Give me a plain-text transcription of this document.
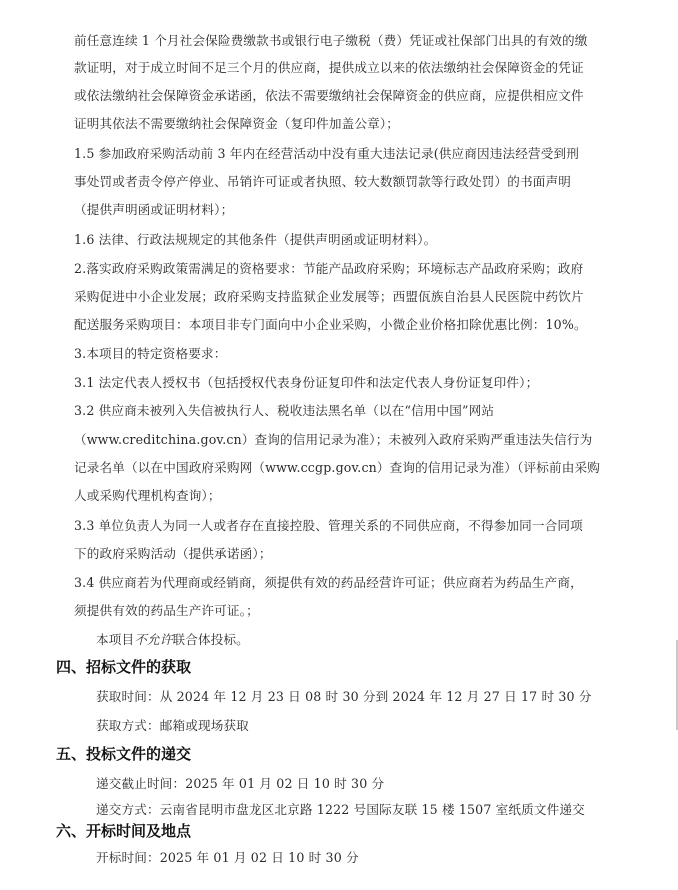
前任意连续 1 个月社会保险费缴款书或银行电子缴税（费）凭证或社保部门出具的有效的缴
款证明，对于成立时间不足三个月的供应商，提供成立以来的依法缴纳社会保障资金的凭证
或依法缴纳社会保障资金承诺函，依法不需要缴纳社会保障资金的供应商，应提供相应文件
证明其依法不需要缴纳社会保障资金（复印件加盖公章）；
1.5 参加政府采购活动前 3 年内在经营活动中没有重大违法记录(供应商因违法经营受到刑
事处罚或者责令停产停业、吊销许可证或者执照、较大数额罚款等行政处罚）的书面声明
（提供声明函或证明材料）；
1.6 法律、行政法规规定的其他条件（提供声明函或证明材料）。
2.落实政府采购政策需满足的资格要求：节能产品政府采购；环境标志产品政府采购；政府
采购促进中小企业发展；政府采购支持监狱企业发展等；西盟佤族自治县人民医院中药饮片
配送服务采购项目：本项目非专门面向中小企业采购，小微企业价格扣除优惠比例：10%。
3.本项目的特定资格要求：
3.1 法定代表人授权书（包括授权代表身份证复印件和法定代表人身份证复印件）；
3.2 供应商未被列入失信被执行人、税收违法黑名单（以在“信用中国”网站
（www.creditchina.gov.cn）查询的信用记录为准）；未被列入政府采购严重违法失信行为
记录名单（以在中国政府采购网（www.ccgp.gov.cn）查询的信用记录为准）（评标前由采购
人或采购代理机构查询）；
3.3 单位负责人为同一人或者存在直接控股、管理关系的不同供应商，不得参加同一合同项
下的政府采购活动（提供承诺函）；
3.4 供应商若为代理商或经销商，须提供有效的药品经营许可证；供应商若为药品生产商，
须提供有效的药品生产许可证。；
本项目不允许联合体投标。
四、招标文件的获取
获取时间：从 2024 年 12 月 23 日 08 时 30 分到 2024 年 12 月 27 日 17 时 30 分
获取方式：邮箱或现场获取
五、投标文件的递交
递交截止时间：2025 年 01 月 02 日 10 时 30 分
递交方式：云南省昆明市盘龙区北京路 1222 号国际友联 15 楼 1507 室纸质文件递交
六、开标时间及地点
开标时间：2025 年 01 月 02 日 10 时 30 分
